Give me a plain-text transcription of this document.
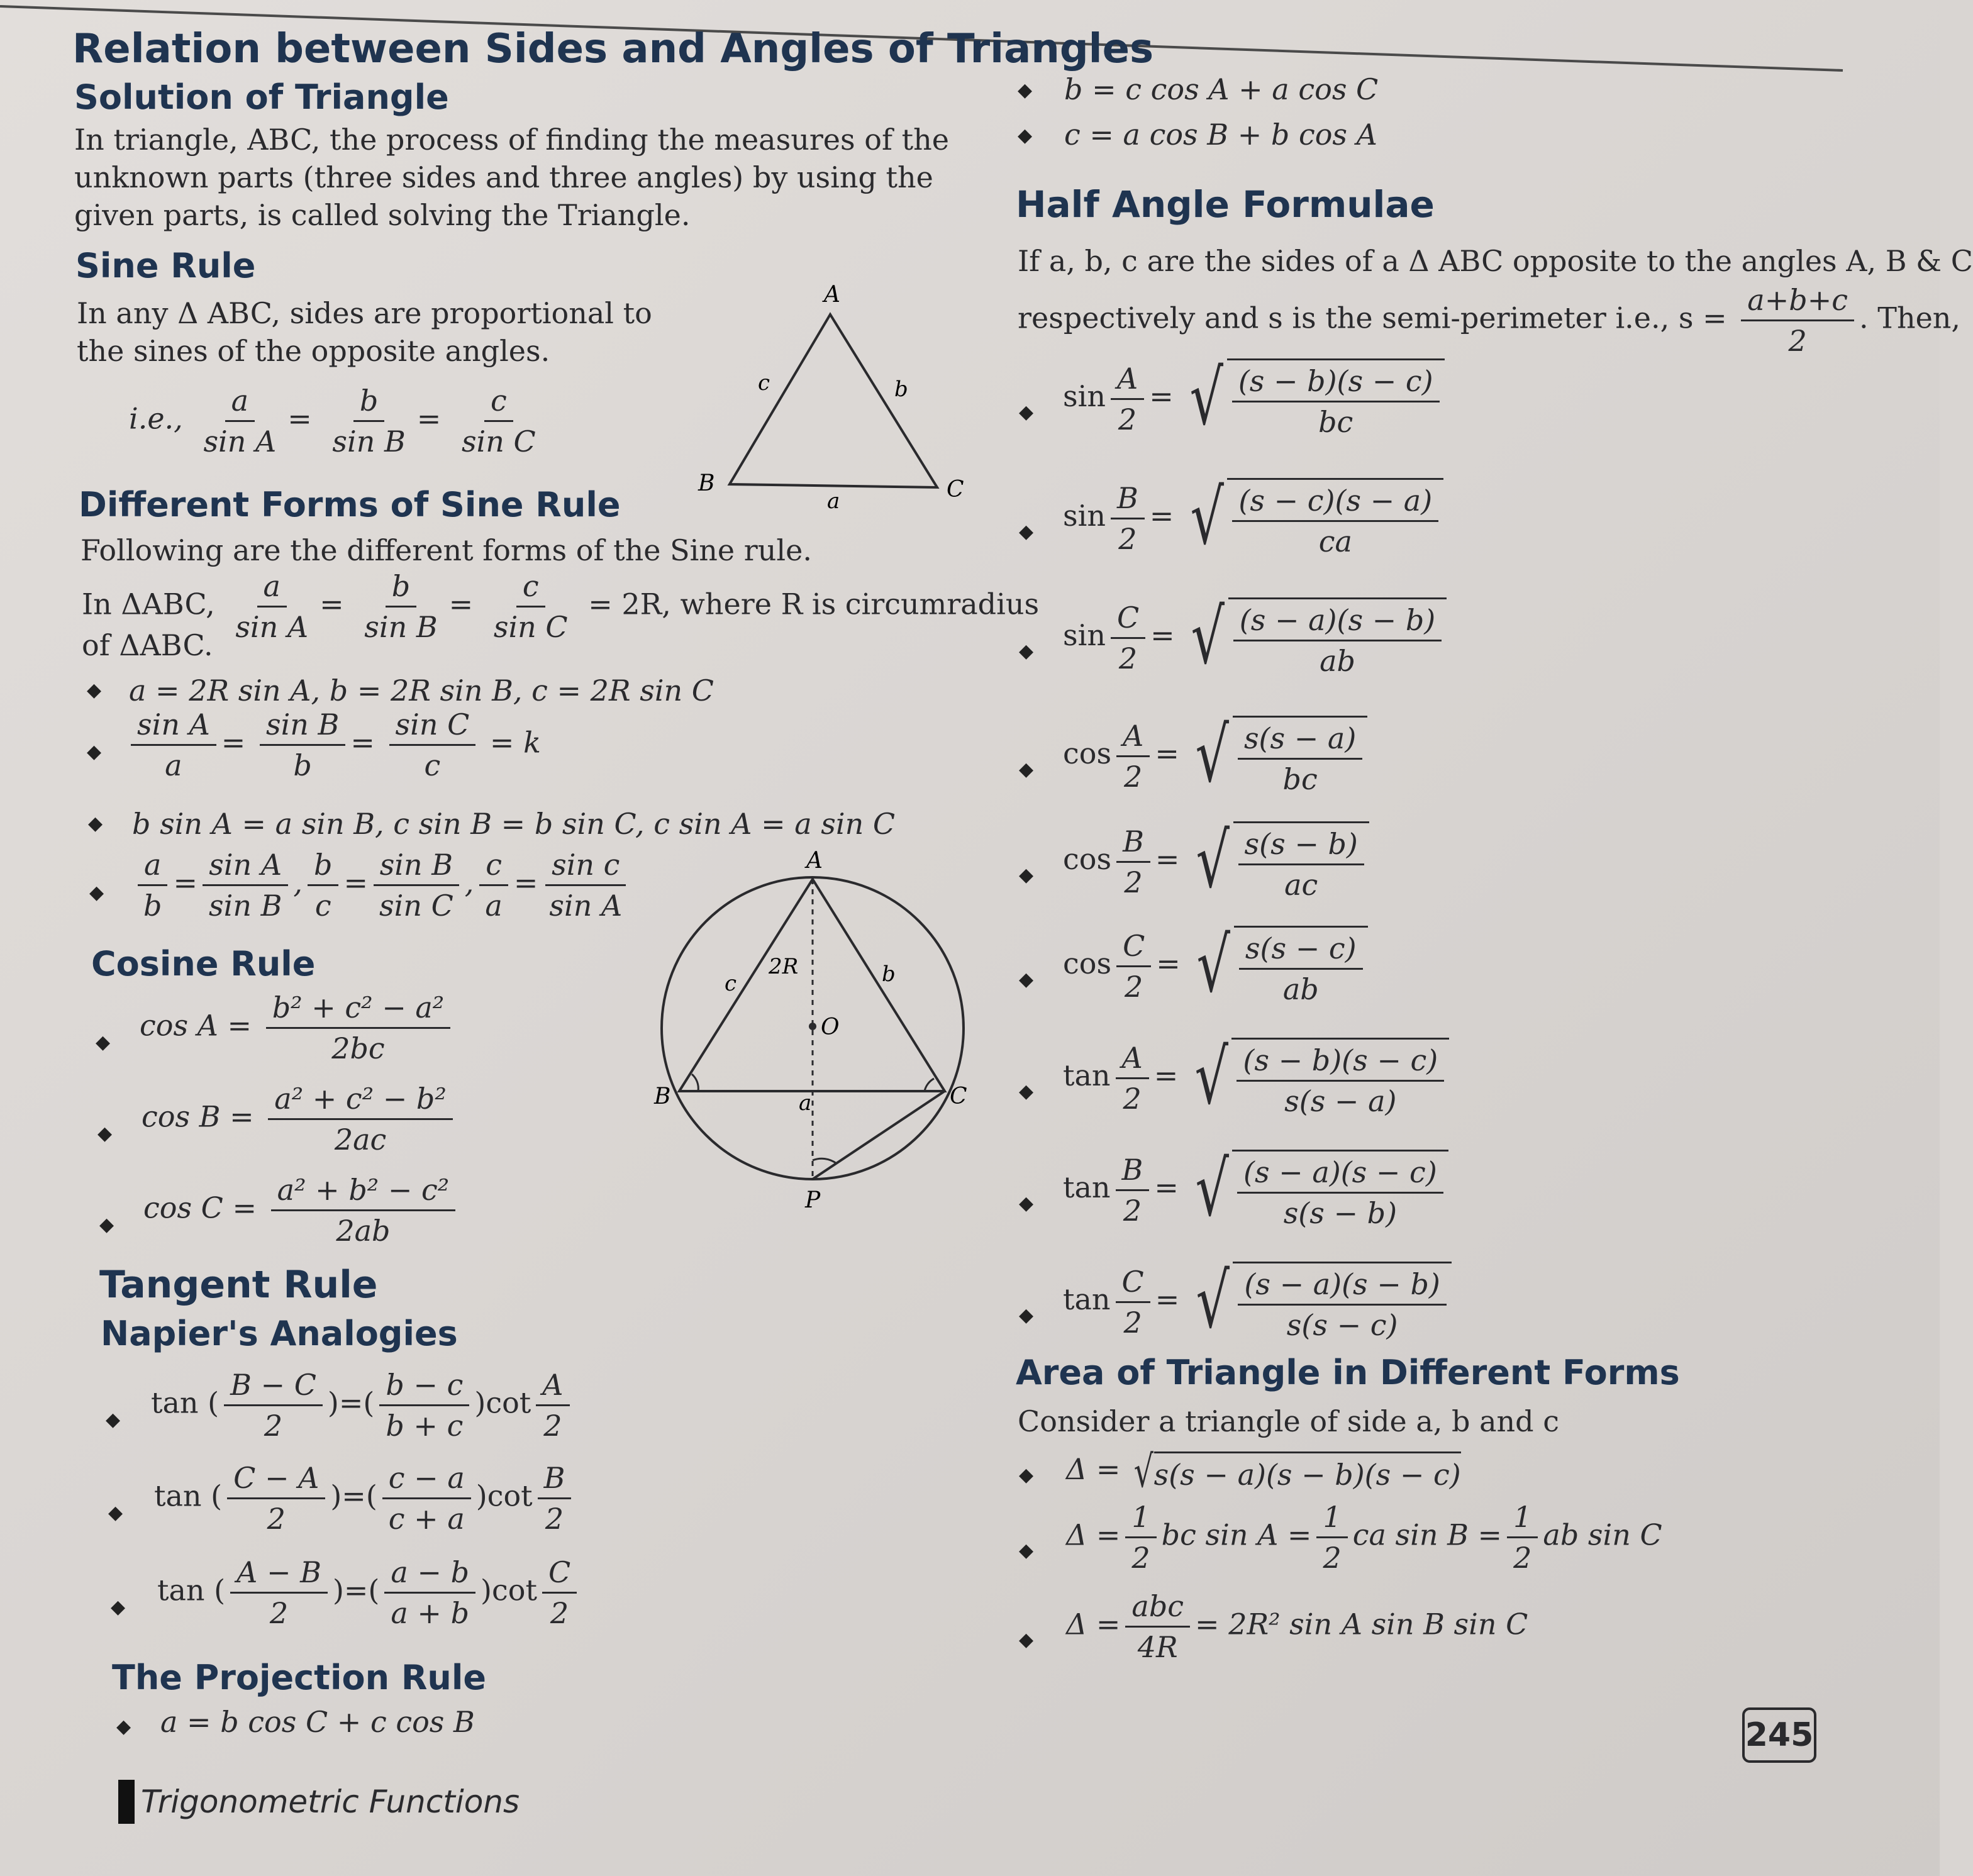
Relation between Sides and Angles of Triangles
Solution of Triangle
In triangle, ABC, the process of finding the measures of the unknown parts (three sides and three angles) by using the given parts, is called solving the Triangle.
Sine Rule
In any Δ ABC, sides are proportional to the sines of the opposite angles.
i.e., $\frac{a}{\text{sin A}} = \frac{b}{\text{sin B}} = \frac{c}{\text{sin C}}$
A
B	C
a
b
c
Different Forms of Sine Rule
Following are the different forms of the Sine rule.
In ΔABC, $\frac{a}{\text{sin A}} = \frac{b}{\text{sin B}} = \frac{c}{\text{sin C}} = 2R$, where R is circumradius
of ΔABC.
◆ a = 2R sin A, b = 2R sin B, c = 2R sin C
◆ $\frac{\text{sin A}}{a} = \frac{\text{sin B}}{b} = \frac{\text{sin C}}{c} = k$
◆ b sin A = a sin B, c sin B = b sin C, c sin A = a sin C
◆ $\frac{a}{b} = \frac{\text{sin A}}{\text{sin B}}$ , $\frac{b}{c} = \frac{\text{sin B}}{\text{sin C}}$ , $\frac{c}{a} = \frac{\text{sin c}}{\text{sin A}}$	A
B	C
O
P
a
b
c
2R
Cosine Rule
◆ $\cos A = \frac{\text{b² + c² − a²}}{2bc}$
◆ $\cos B = \frac{\text{a² + c² − b²}}{2ac}$
◆ $\cos C = \frac{\text{a² + b² − c²}}{2ab}$
Tangent Rule
Napier's Analogies
◆ tan ( $\frac{B - C}{2}$ )=( $\frac{b - c}{b + c} )\cot \frac{A}{2}$
◆ tan ( $\frac{C - A}{2}$ )=( $\frac{c - a}{c + a} )\cot \frac{B}{2}$
◆ tan ( $\frac{A - B}{2}$ )=( $\frac{a - b}{a + b} )\cot \frac{C}{2}$
The Projection Rule
◆ a = b cos C + c cos B
Trigonometric Functions
◆ b = c cos A + a cos C
◆ c = a cos B + b cos A
Half Angle Formulae
If a, b, c are the sides of a Δ ABC opposite to the angles A, B & C
respectively and s is the semi-perimeter i.e., $s = \frac{a+b+c}{2}$ . Then,
◆ $\sin \frac{A}{2}$ = √ $\frac{(s - b)(s - c)}{bc}$
◆ $\sin \frac{B}{2}$ = √ $\frac{(s - c)(s - a)}{ca}$
◆ $\sin \frac{C}{2}$ = √ $\frac{(s - a)(s - b)}{ab}$
◆ $\cos \frac{A}{2}$ = √ $\frac{s(s - a)}{bc}$
◆ $\cos \frac{B}{2}$ = √ $\frac{s(s - b)}{ac}$
◆ $\cos \frac{C}{2}$ = √ $\frac{s(s - c)}{ab}$
◆ $\tan \frac{A}{2}$ = √ $\frac{(s - b)(s - c)}{s(s - a)}$
◆ $\tan \frac{B}{2}$ = √ $\frac{(s - a)(s - c)}{s(s - b)}$
◆ $\tan \frac{C}{2}$ = √ $\frac{(s - a)(s - b)}{s(s - c)}$
Area of Triangle in Different Forms
Consider a triangle of side a, b and c
◆ Δ = √ s(s − a)(s − b)(s − c)
◆ $\Delta = \frac{1}{2}$ bc $\sin A = \frac{1}{2}$ ca $\sin B = \frac{1}{2}$ ab sin C
◆ $\Delta = \frac{\text{abc}}{4R} = 2R^2$ sin A sin B sin C
245
